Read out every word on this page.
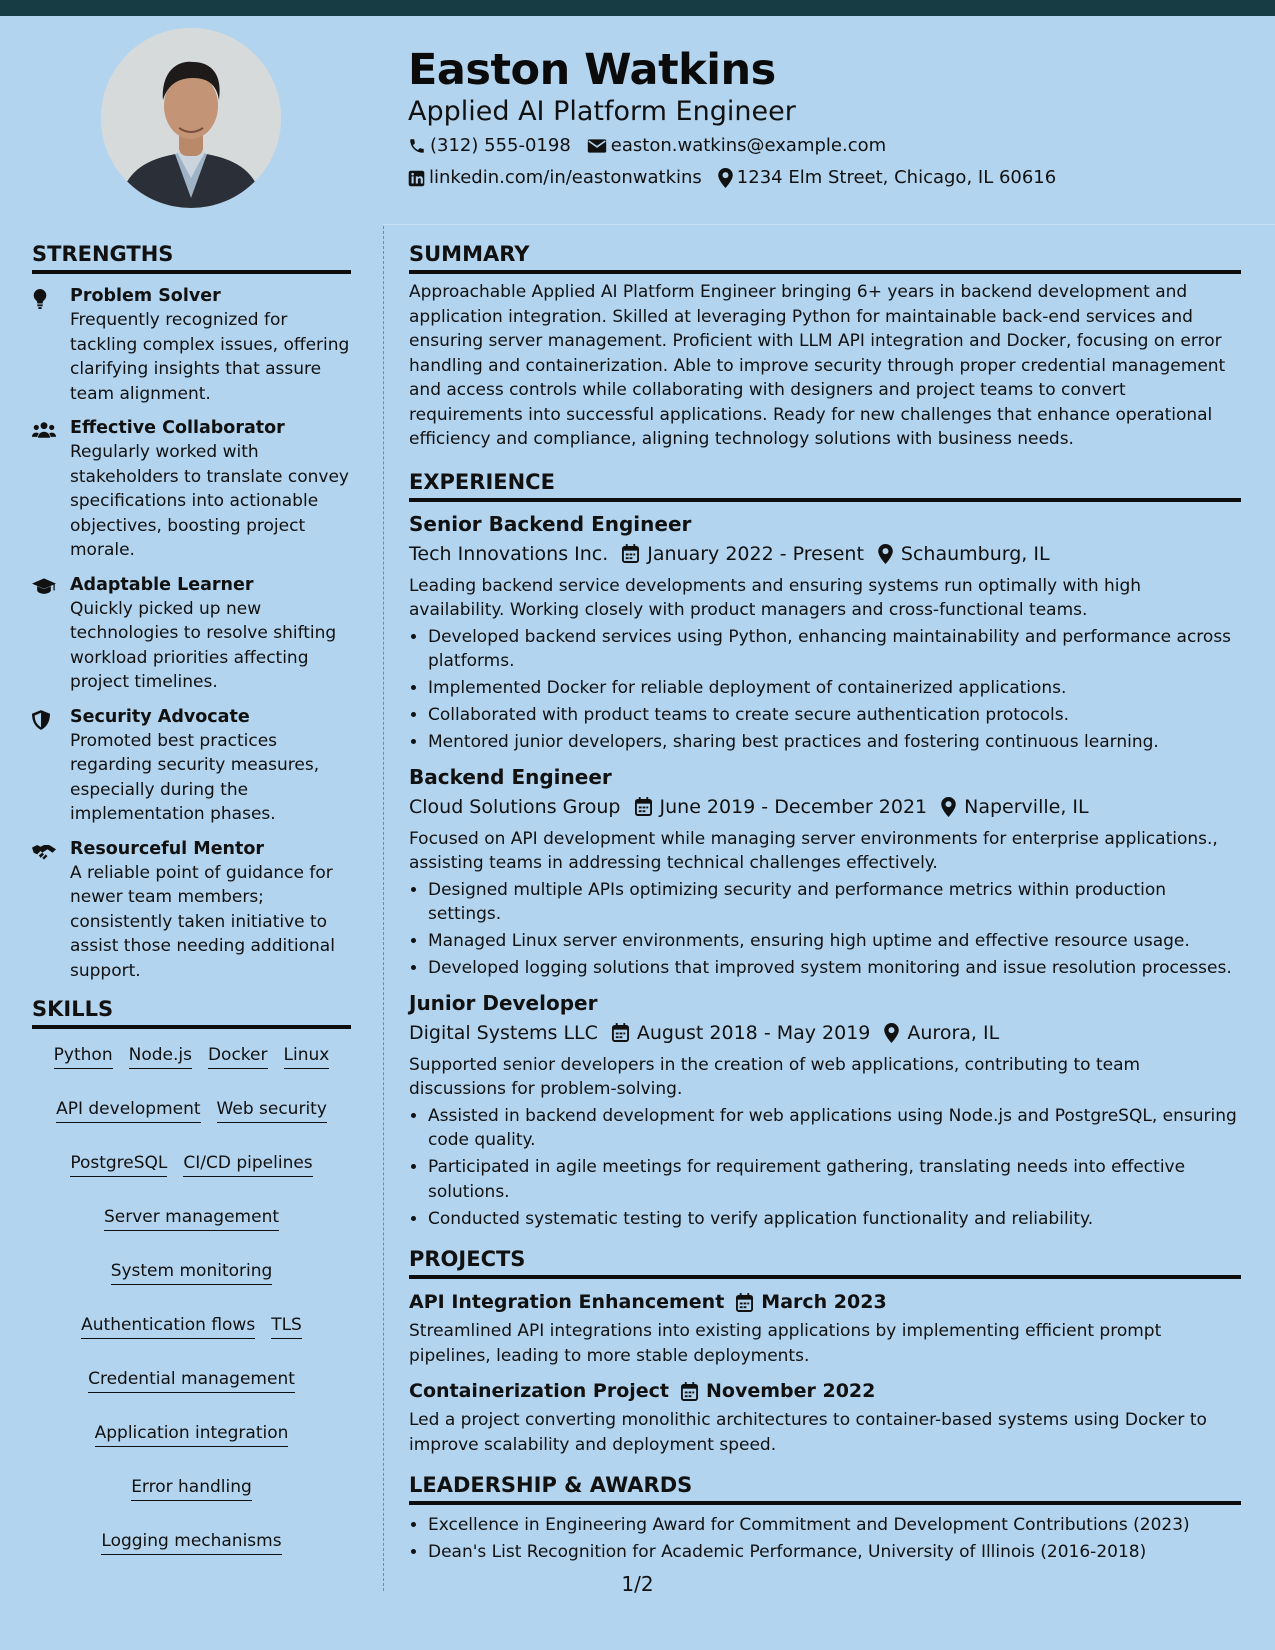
Easton Watkins
Applied AI Platform Engineer
(312) 555-0198 easton.watkins@example.com
linkedin.com/in/eastonwatkins 1234 Elm Street, Chicago, IL 60616
STRENGTHS
Problem Solver
Frequently recognized for tackling complex issues, offering clarifying insights that assure team alignment.
Effective Collaborator
Regularly worked with stakeholders to translate convey specifications into actionable objectives, boosting project morale.
Adaptable Learner
Quickly picked up new technologies to resolve shifting workload priorities affecting project timelines.
Security Advocate
Promoted best practices regarding security measures, especially during the implementation phases.
Resourceful Mentor
A reliable point of guidance for newer team members; consistently taken initiative to assist those needing additional support.
SKILLS
Python Node.js Docker Linux
API development Web security
PostgreSQL CI/CD pipelines
Server management
System monitoring
Authentication flows TLS
Credential management
Application integration
Error handling
Logging mechanisms
SUMMARY

Approachable Applied AI Platform Engineer bringing 6+ years in backend development and application integration. Skilled at leveraging Python for maintainable back-end services and ensuring server management. Proficient with LLM API integration and Docker, focusing on error handling and containerization. Able to improve security through proper credential management and access controls while collaborating with designers and project teams to convert requirements into successful applications. Ready for new challenges that enhance operational efficiency and compliance, aligning technology solutions with business needs.

EXPERIENCE
Senior Backend Engineer
Tech Innovations Inc. January 2022 - Present Schaumburg, IL
Leading backend service developments and ensuring systems run optimally with high availability. Working closely with product managers and cross-functional teams.
• Developed backend services using Python, enhancing maintainability and performance across platforms.
• Implemented Docker for reliable deployment of containerized applications.
• Collaborated with product teams to create secure authentication protocols.
• Mentored junior developers, sharing best practices and fostering continuous learning.
Backend Engineer
Cloud Solutions Group June 2019 - December 2021 Naperville, IL
Focused on API development while managing server environments for enterprise applications., assisting teams in addressing technical challenges effectively.
• Designed multiple APIs optimizing security and performance metrics within production settings.
• Managed Linux server environments, ensuring high uptime and effective resource usage.
• Developed logging solutions that improved system monitoring and issue resolution processes.
Junior Developer
Digital Systems LLC August 2018 - May 2019 Aurora, IL
Supported senior developers in the creation of web applications, contributing to team discussions for problem-solving.
• Assisted in backend development for web applications using Node.js and PostgreSQL, ensuring code quality.
• Participated in agile meetings for requirement gathering, translating needs into effective solutions.
• Conducted systematic testing to verify application functionality and reliability.
PROJECTS
API Integration Enhancement March 2023
Streamlined API integrations into existing applications by implementing efficient prompt pipelines, leading to more stable deployments.
Containerization Project November 2022
Led a project converting monolithic architectures to container-based systems using Docker to improve scalability and deployment speed.
LEADERSHIP & AWARDS
• Excellence in Engineering Award for Commitment and Development Contributions (2023)
• Dean's List Recognition for Academic Performance, University of Illinois (2016-2018)
1/2
